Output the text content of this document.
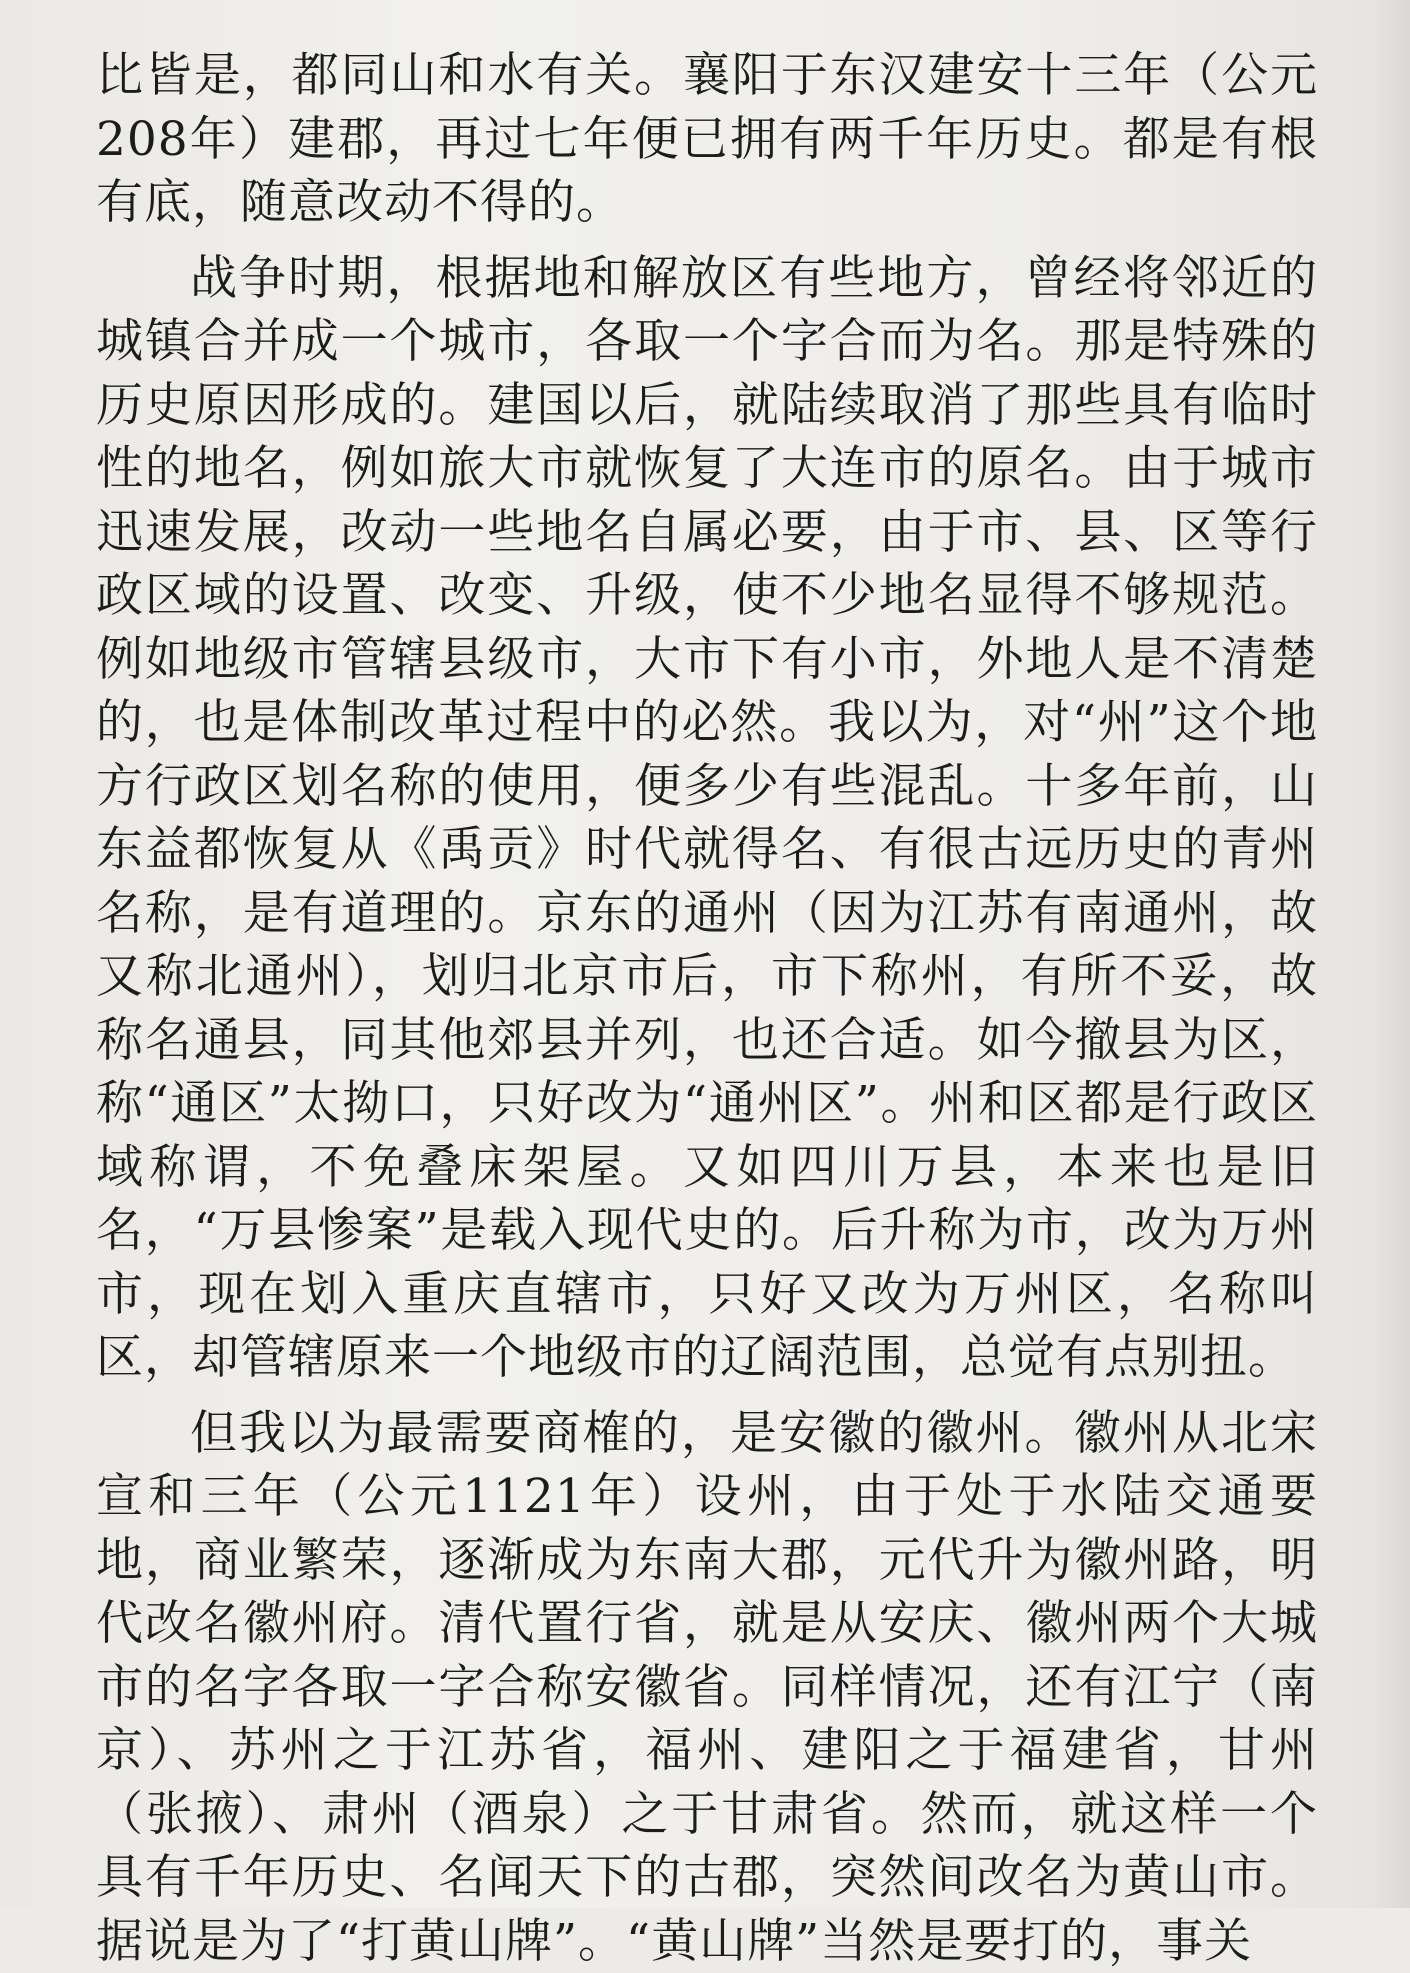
比皆是，都同山和水有关。襄阳于东汉建安十三年（公元208年）建郡，再过七年便已拥有两千年历史。都是有根有底，随意改动不得的。

战争时期，根据地和解放区有些地方，曾经将邻近的城镇合并成一个城市，各取一个字合而为名。那是特殊的历史原因形成的。建国以后，就陆续取消了那些具有临时性的地名，例如旅大市就恢复了大连市的原名。由于城市迅速发展，改动一些地名自属必要，由于市、县、区等行政区域的设置、改变、升级，使不少地名显得不够规范。例如地级市管辖县级市，大市下有小市，外地人是不清楚的，也是体制改革过程中的必然。我以为，对“州”这个地方行政区划名称的使用，便多少有些混乱。十多年前，山东益都恢复从《禹贡》时代就得名、有很古远历史的青州名称，是有道理的。京东的通州（因为江苏有南通州，故又称北通州），划归北京市后，市下称州，有所不妥，故称名通县，同其他郊县并列，也还合适。如今撤县为区，称“通区”太拗口，只好改为“通州区”。州和区都是行政区域称谓，不免叠床架屋。又如四川万县，本来也是旧名，“万县惨案”是载入现代史的。后升称为市，改为万州市，现在划入重庆直辖市，只好又改为万州区，名称叫区，却管辖原来一个地级市的辽阔范围，总觉有点别扭。

但我以为最需要商榷的，是安徽的徽州。徽州从北宋宣和三年（公元1121年）设州，由于处于水陆交通要地，商业繁荣，逐渐成为东南大郡，元代升为徽州路，明代改名徽州府。清代置行省，就是从安庆、徽州两个大城市的名字各取一字合称安徽省。同样情况，还有江宁（南京）、苏州之于江苏省，福州、建阳之于福建省，甘州（张掖）、肃州（酒泉）之于甘肃省。然而，就这样一个具有千年历史、名闻天下的古郡，突然间改名为黄山市。据说是为了“打黄山牌”。“黄山牌”当然是要打的，事关
